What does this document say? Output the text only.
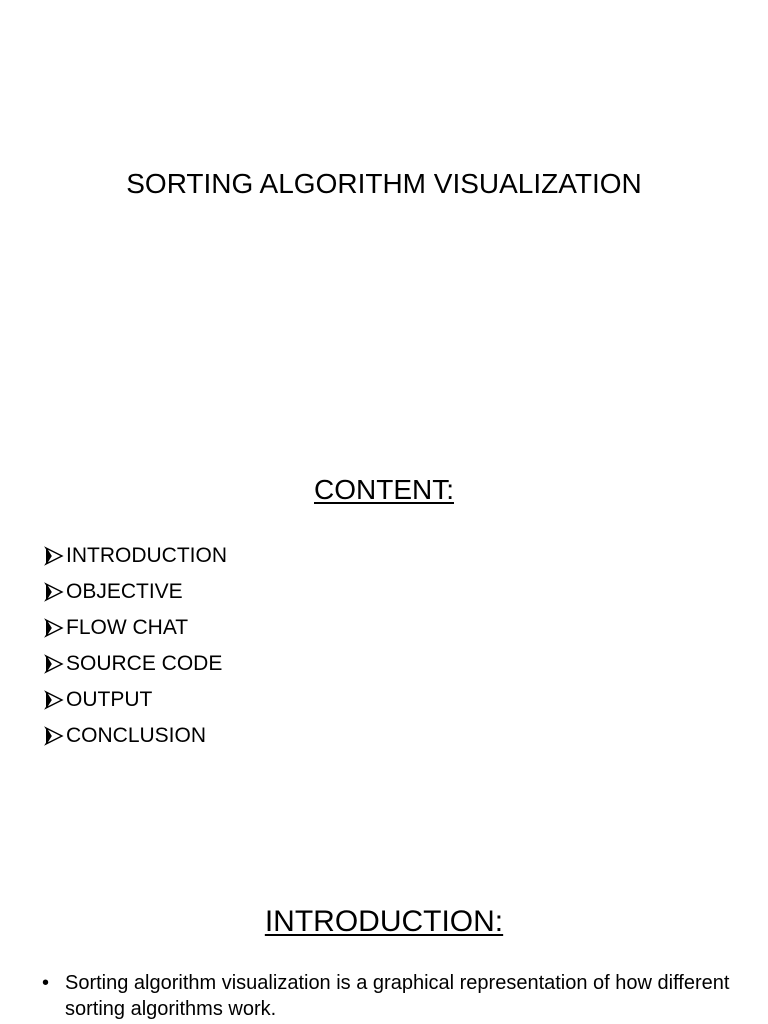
SORTING ALGORITHM VISUALIZATION
CONTENT:
INTRODUCTION
OBJECTIVE
FLOW CHAT
SOURCE CODE
OUTPUT
CONCLUSION
INTRODUCTION:
• Sorting algorithm visualization is a graphical representation of how different sorting algorithms work.
